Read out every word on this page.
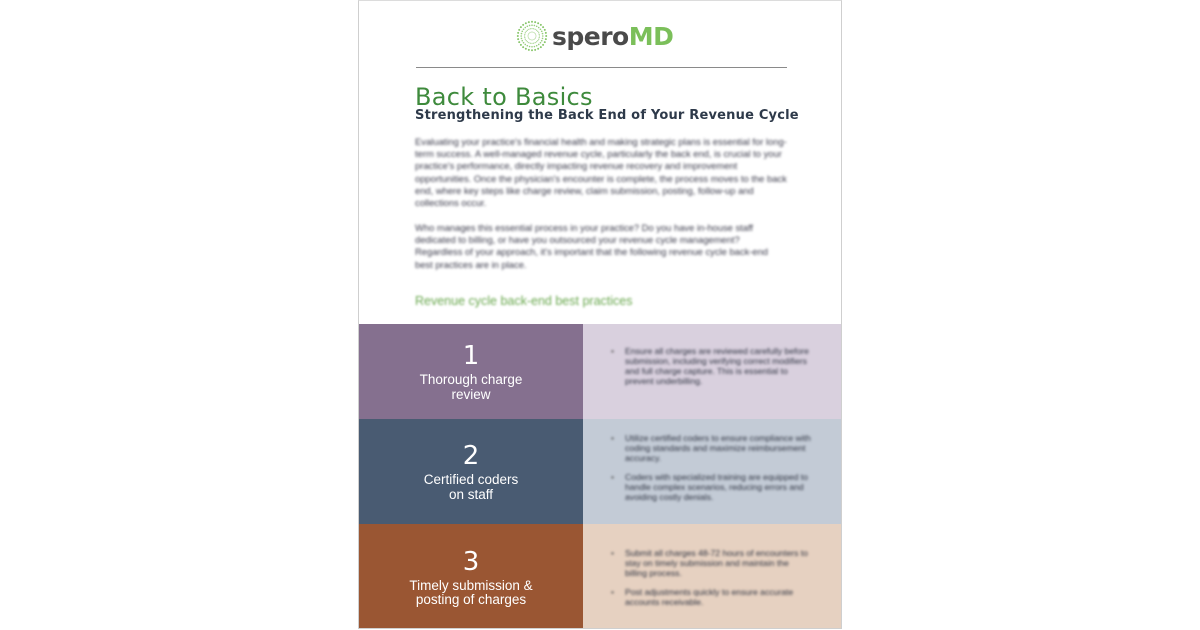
speroMD
Back to Basics
Strengthening the Back End of Your Revenue Cycle
Evaluating your practice's financial health and making strategic plans is essential for long-term success. A well-managed revenue cycle, particularly the back end, is crucial to your practice's performance, directly impacting revenue recovery and improvement opportunities. Once the physician's encounter is complete, the process moves to the back end, where key steps like charge review, claim submission, posting, follow-up and collections occur.
Who manages this essential process in your practice? Do you have in-house staff dedicated to billing, or have you outsourced your revenue cycle management? Regardless of your approach, it's important that the following revenue cycle back-end best practices are in place.
Revenue cycle back-end best practices
1
Thorough charge review
• Ensure all charges are reviewed carefully before submission, including verifying correct modifiers and full charge capture. This is essential to prevent underbilling.
2
Certified coders on staff
• Utilize certified coders to ensure compliance with coding standards and maximize reimbursement accuracy.
• Coders with specialized training are equipped to handle complex scenarios, reducing errors and avoiding costly denials.
3
Timely submission & posting of charges
• Submit all charges 48-72 hours of encounters to stay on timely submission and maintain the billing process.
• Post adjustments quickly to ensure accurate accounts receivable.
